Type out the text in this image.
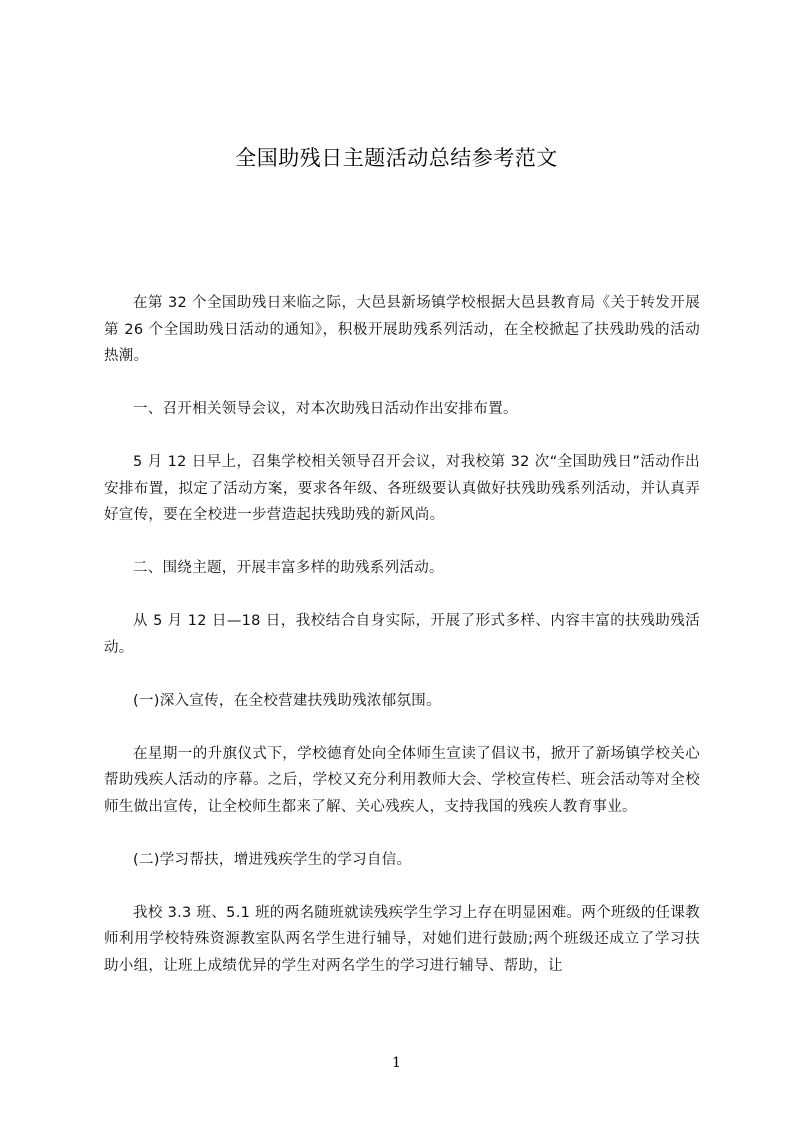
全国助残日主题活动总结参考范文

在第 32 个全国助残日来临之际，大邑县新场镇学校根据大邑县教育局《关于转发开展第 26 个全国助残日活动的通知》，积极开展助残系列活动，在全校掀起了扶残助残的活动热潮。

一、召开相关领导会议，对本次助残日活动作出安排布置。

5 月 12 日早上，召集学校相关领导召开会议，对我校第 32 次“全国助残日”活动作出安排布置，拟定了活动方案，要求各年级、各班级要认真做好扶残助残系列活动，并认真弄好宣传，要在全校进一步营造起扶残助残的新风尚。

二、围绕主题，开展丰富多样的助残系列活动。

从 5 月 12 日—18 日，我校结合自身实际，开展了形式多样、内容丰富的扶残助残活动。

(一)深入宣传，在全校营建扶残助残浓郁氛围。

在星期一的升旗仪式下，学校德育处向全体师生宣读了倡议书，掀开了新场镇学校关心帮助残疾人活动的序幕。之后，学校又充分利用教师大会、学校宣传栏、班会活动等对全校师生做出宣传，让全校师生都来了解、关心残疾人，支持我国的残疾人教育事业。

(二)学习帮扶，增进残疾学生的学习自信。

我校 3.3 班、5.1 班的两名随班就读残疾学生学习上存在明显困难。两个班级的任课教师利用学校特殊资源教室队两名学生进行辅导，对她们进行鼓励;两个班级还成立了学习扶助小组，让班上成绩优异的学生对两名学生的学习进行辅导、帮助，让

1
